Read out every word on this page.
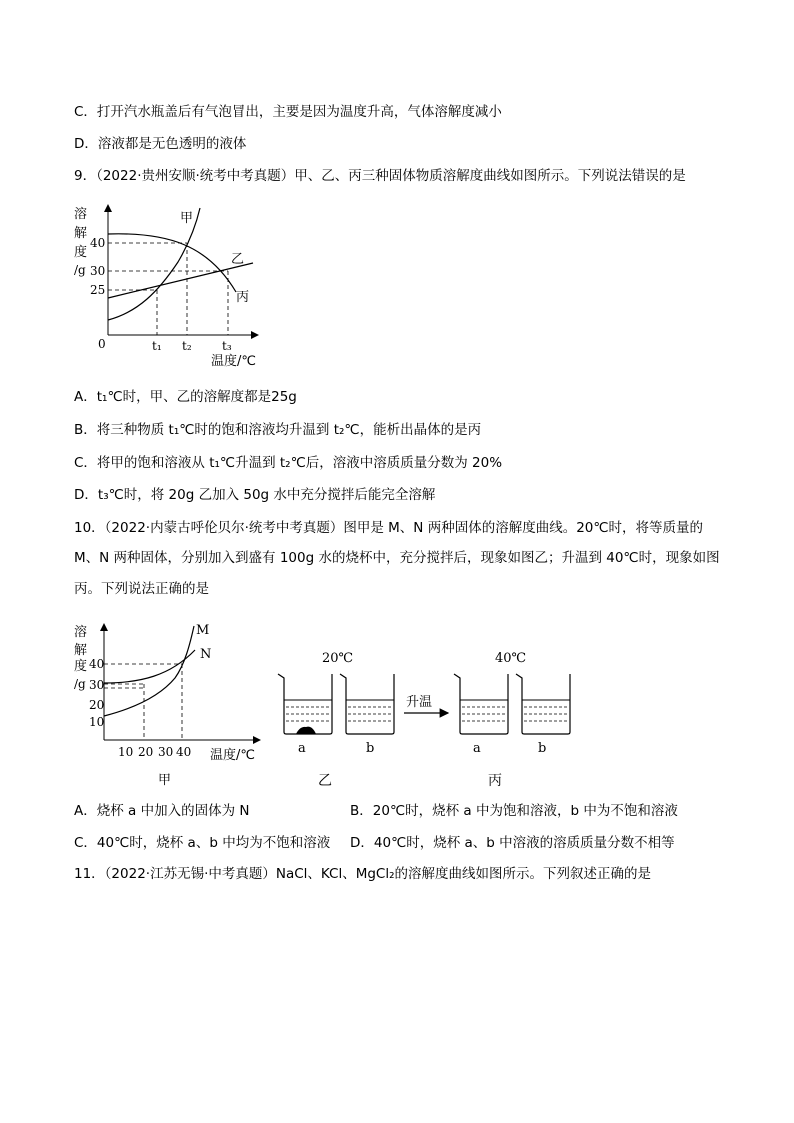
C．打开汽水瓶盖后有气泡冒出，主要是因为温度升高，气体溶解度减小
D．溶液都是无色透明的液体
9．（2022·贵州安顺·统考中考真题）甲、乙、丙三种固体物质溶解度曲线如图所示。下列说法错误的是
溶
解
度
/g
40
30
25
0	t₁ t₂	t₃
温度/℃
甲
乙
丙
A．t₁℃时，甲、乙的溶解度都是25g
B．将三种物质 t₁℃时的饱和溶液均升温到 t₂℃，能析出晶体的是丙
C．将甲的饱和溶液从 t₁℃升温到 t₂℃后，溶液中溶质质量分数为 20%
D．t₃℃时，将 20g 乙加入 50g 水中充分搅拌后能完全溶解
10．（2022·内蒙古呼伦贝尔·统考中考真题）图甲是 M、N 两种固体的溶解度曲线。20℃时，将等质量的
M、N 两种固体，分别加入到盛有 100g 水的烧杯中，充分搅拌后，现象如图乙；升温到 40℃时，现象如图
丙。下列说法正确的是
溶
解
度
/g
40
30
20
10
10 20 30 40 温度/℃
M
N
甲
20℃	40℃
升温
a	b	a	b
乙	丙
A．烧杯 a 中加入的固体为 N	B．20℃时，烧杯 a 中为饱和溶液，b 中为不饱和溶液
C．40℃时，烧杯 a、b 中均为不饱和溶液 D．40℃时，烧杯 a、b 中溶液的溶质质量分数不相等
11．（2022·江苏无锡·中考真题）NaCl、KCl、MgCl₂的溶解度曲线如图所示。下列叙述正确的是
